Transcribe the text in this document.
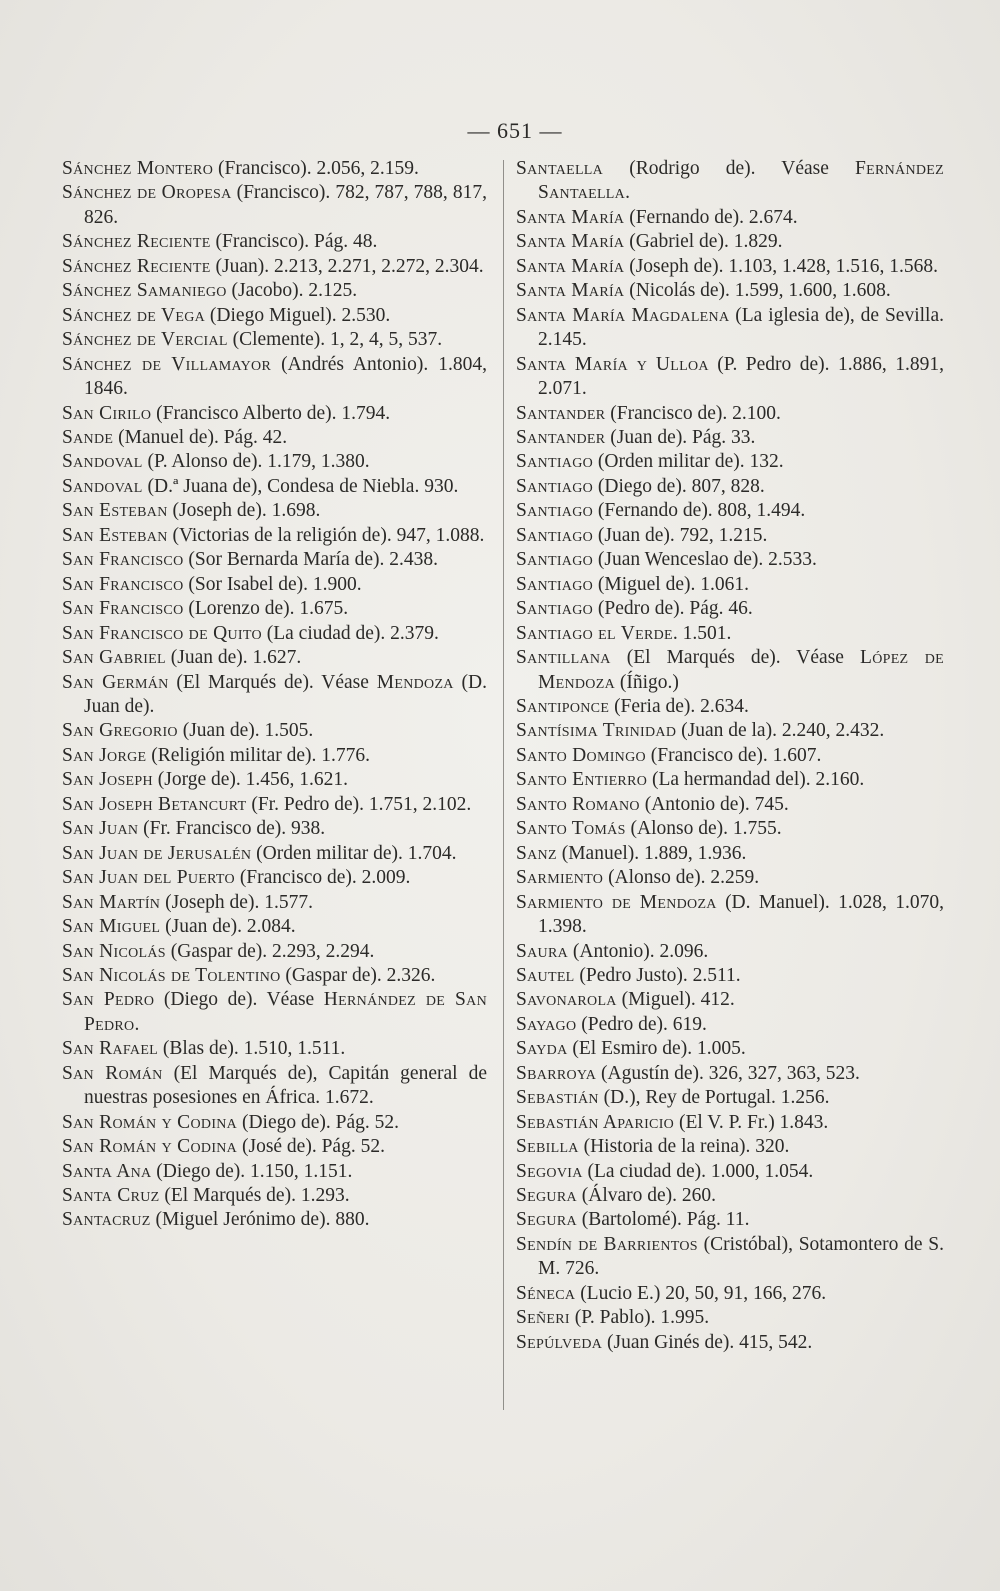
— 651 —

Sánchez Montero (Francisco). 2.056, 2.159.

Sánchez de Oropesa (Francisco). 782, 787, 788, 817, 826.

Sánchez Reciente (Francisco). Pág. 48.

Sánchez Reciente (Juan). 2.213, 2.271, 2.272, 2.304.

Sánchez Samaniego (Jacobo). 2.125.

Sánchez de Vega (Diego Miguel). 2.530.

Sánchez de Vercial (Clemente). 1, 2, 4, 5, 537.

Sánchez de Villamayor (Andrés Antonio). 1.804, 1846.

San Cirilo (Francisco Alberto de). 1.794.

Sande (Manuel de). Pág. 42.

Sandoval (P. Alonso de). 1.179, 1.380.

Sandoval (D.ª Juana de), Condesa de Niebla. 930.

San Esteban (Joseph de). 1.698.

San Esteban (Victorias de la religión de). 947, 1.088.

San Francisco (Sor Bernarda María de). 2.438.

San Francisco (Sor Isabel de). 1.900.

San Francisco (Lorenzo de). 1.675.

San Francisco de Quito (La ciudad de). 2.379.

San Gabriel (Juan de). 1.627.

San Germán (El Marqués de). Véase Mendoza (D. Juan de).

San Gregorio (Juan de). 1.505.

San Jorge (Religión militar de). 1.776.

San Joseph (Jorge de). 1.456, 1.621.

San Joseph Betancurt (Fr. Pedro de). 1.751, 2.102.

San Juan (Fr. Francisco de). 938.

San Juan de Jerusalén (Orden militar de). 1.704.

San Juan del Puerto (Francisco de). 2.009.

San Martín (Joseph de). 1.577.

San Miguel (Juan de). 2.084.

San Nicolás (Gaspar de). 2.293, 2.294.

San Nicolás de Tolentino (Gaspar de). 2.326.

San Pedro (Diego de). Véase Hernández de San Pedro.

San Rafael (Blas de). 1.510, 1.511.

San Román (El Marqués de), Capitán general de nuestras posesiones en África. 1.672.

San Román y Codina (Diego de). Pág. 52.

San Román y Codina (José de). Pág. 52.

Santa Ana (Diego de). 1.150, 1.151.

Santa Cruz (El Marqués de). 1.293.

Santacruz (Miguel Jerónimo de). 880.

Santaella (Rodrigo de). Véase Fernández Santaella.

Santa María (Fernando de). 2.674.

Santa María (Gabriel de). 1.829.

Santa María (Joseph de). 1.103, 1.428, 1.516, 1.568.

Santa María (Nicolás de). 1.599, 1.600, 1.608.

Santa María Magdalena (La iglesia de), de Sevilla. 2.145.

Santa María y Ulloa (P. Pedro de). 1.886, 1.891, 2.071.

Santander (Francisco de). 2.100.

Santander (Juan de). Pág. 33.

Santiago (Orden militar de). 132.

Santiago (Diego de). 807, 828.

Santiago (Fernando de). 808, 1.494.

Santiago (Juan de). 792, 1.215.

Santiago (Juan Wenceslao de). 2.533.

Santiago (Miguel de). 1.061.

Santiago (Pedro de). Pág. 46.

Santiago el Verde. 1.501.

Santillana (El Marqués de). Véase López de Mendoza (Íñigo.)

Santiponce (Feria de). 2.634.

Santísima Trinidad (Juan de la). 2.240, 2.432.

Santo Domingo (Francisco de). 1.607.

Santo Entierro (La hermandad del). 2.160.

Santo Romano (Antonio de). 745.

Santo Tomás (Alonso de). 1.755.

Sanz (Manuel). 1.889, 1.936.

Sarmiento (Alonso de). 2.259.

Sarmiento de Mendoza (D. Manuel). 1.028, 1.070, 1.398.

Saura (Antonio). 2.096.

Sautel (Pedro Justo). 2.511.

Savonarola (Miguel). 412.

Sayago (Pedro de). 619.

Sayda (El Esmiro de). 1.005.

Sbarroya (Agustín de). 326, 327, 363, 523.

Sebastián (D.), Rey de Portugal. 1.256.

Sebastián Aparicio (El V. P. Fr.) 1.843.

Sebilla (Historia de la reina). 320.

Segovia (La ciudad de). 1.000, 1.054.

Segura (Álvaro de). 260.

Segura (Bartolomé). Pág. 11.

Sendín de Barrientos (Cristóbal), Sotamontero de S. M. 726.

Séneca (Lucio E.) 20, 50, 91, 166, 276.

Señeri (P. Pablo). 1.995.

Sepúlveda (Juan Ginés de). 415, 542.
